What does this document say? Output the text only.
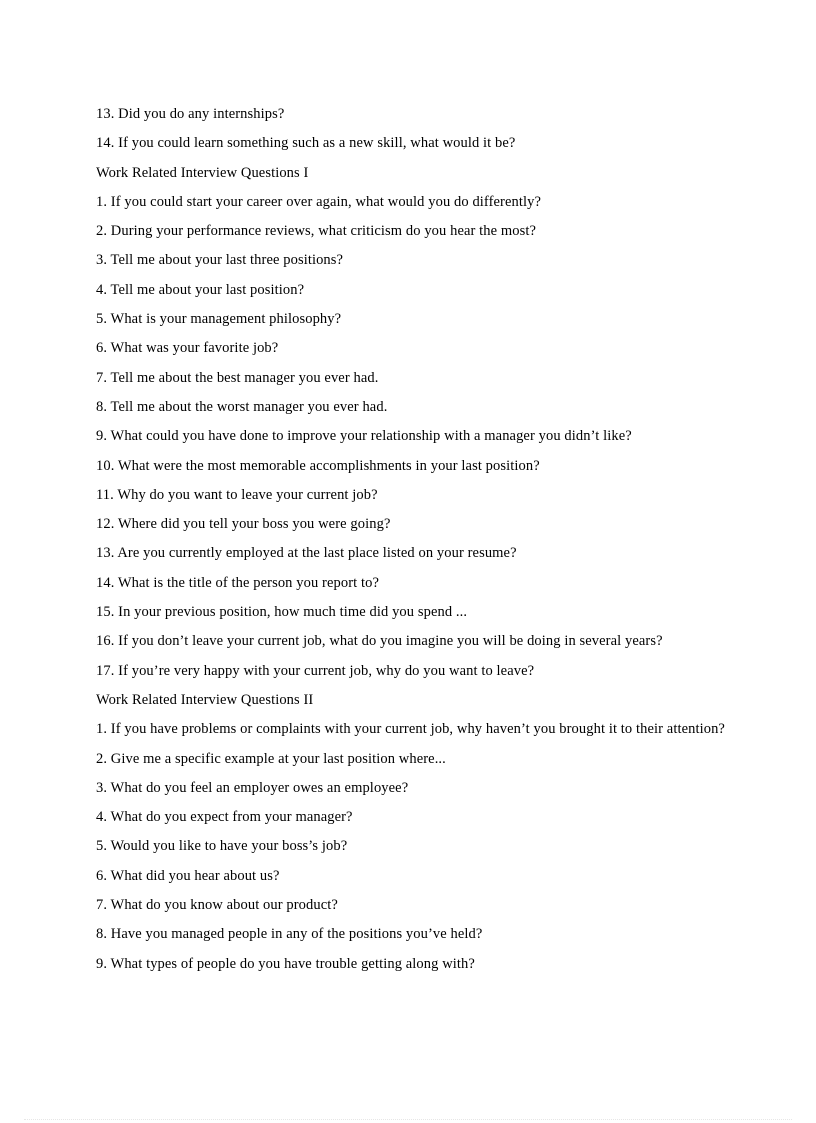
13. Did you do any internships?
14. If you could learn something such as a new skill, what would it be?
Work Related Interview Questions I
1. If you could start your career over again, what would you do differently?
2. During your performance reviews, what criticism do you hear the most?
3. Tell me about your last three positions?
4. Tell me about your last position?
5. What is your management philosophy?
6. What was your favorite job?
7. Tell me about the best manager you ever had.
8. Tell me about the worst manager you ever had.
9. What could you have done to improve your relationship with a manager you didn’t like?
10. What were the most memorable accomplishments in your last position?
11. Why do you want to leave your current job?
12. Where did you tell your boss you were going?
13. Are you currently employed at the last place listed on your resume?
14. What is the title of the person you report to?
15. In your previous position, how much time did you spend ...
16. If you don’t leave your current job, what do you imagine you will be doing in several years?
17. If you’re very happy with your current job, why do you want to leave?
Work Related Interview Questions II
1. If you have problems or complaints with your current job, why haven’t you brought it to their attention?
2. Give me a specific example at your last position where...
3. What do you feel an employer owes an employee?
4. What do you expect from your manager?
5. Would you like to have your boss’s job?
6. What did you hear about us?
7. What do you know about our product?
8. Have you managed people in any of the positions you’ve held?
9. What types of people do you have trouble getting along with?
